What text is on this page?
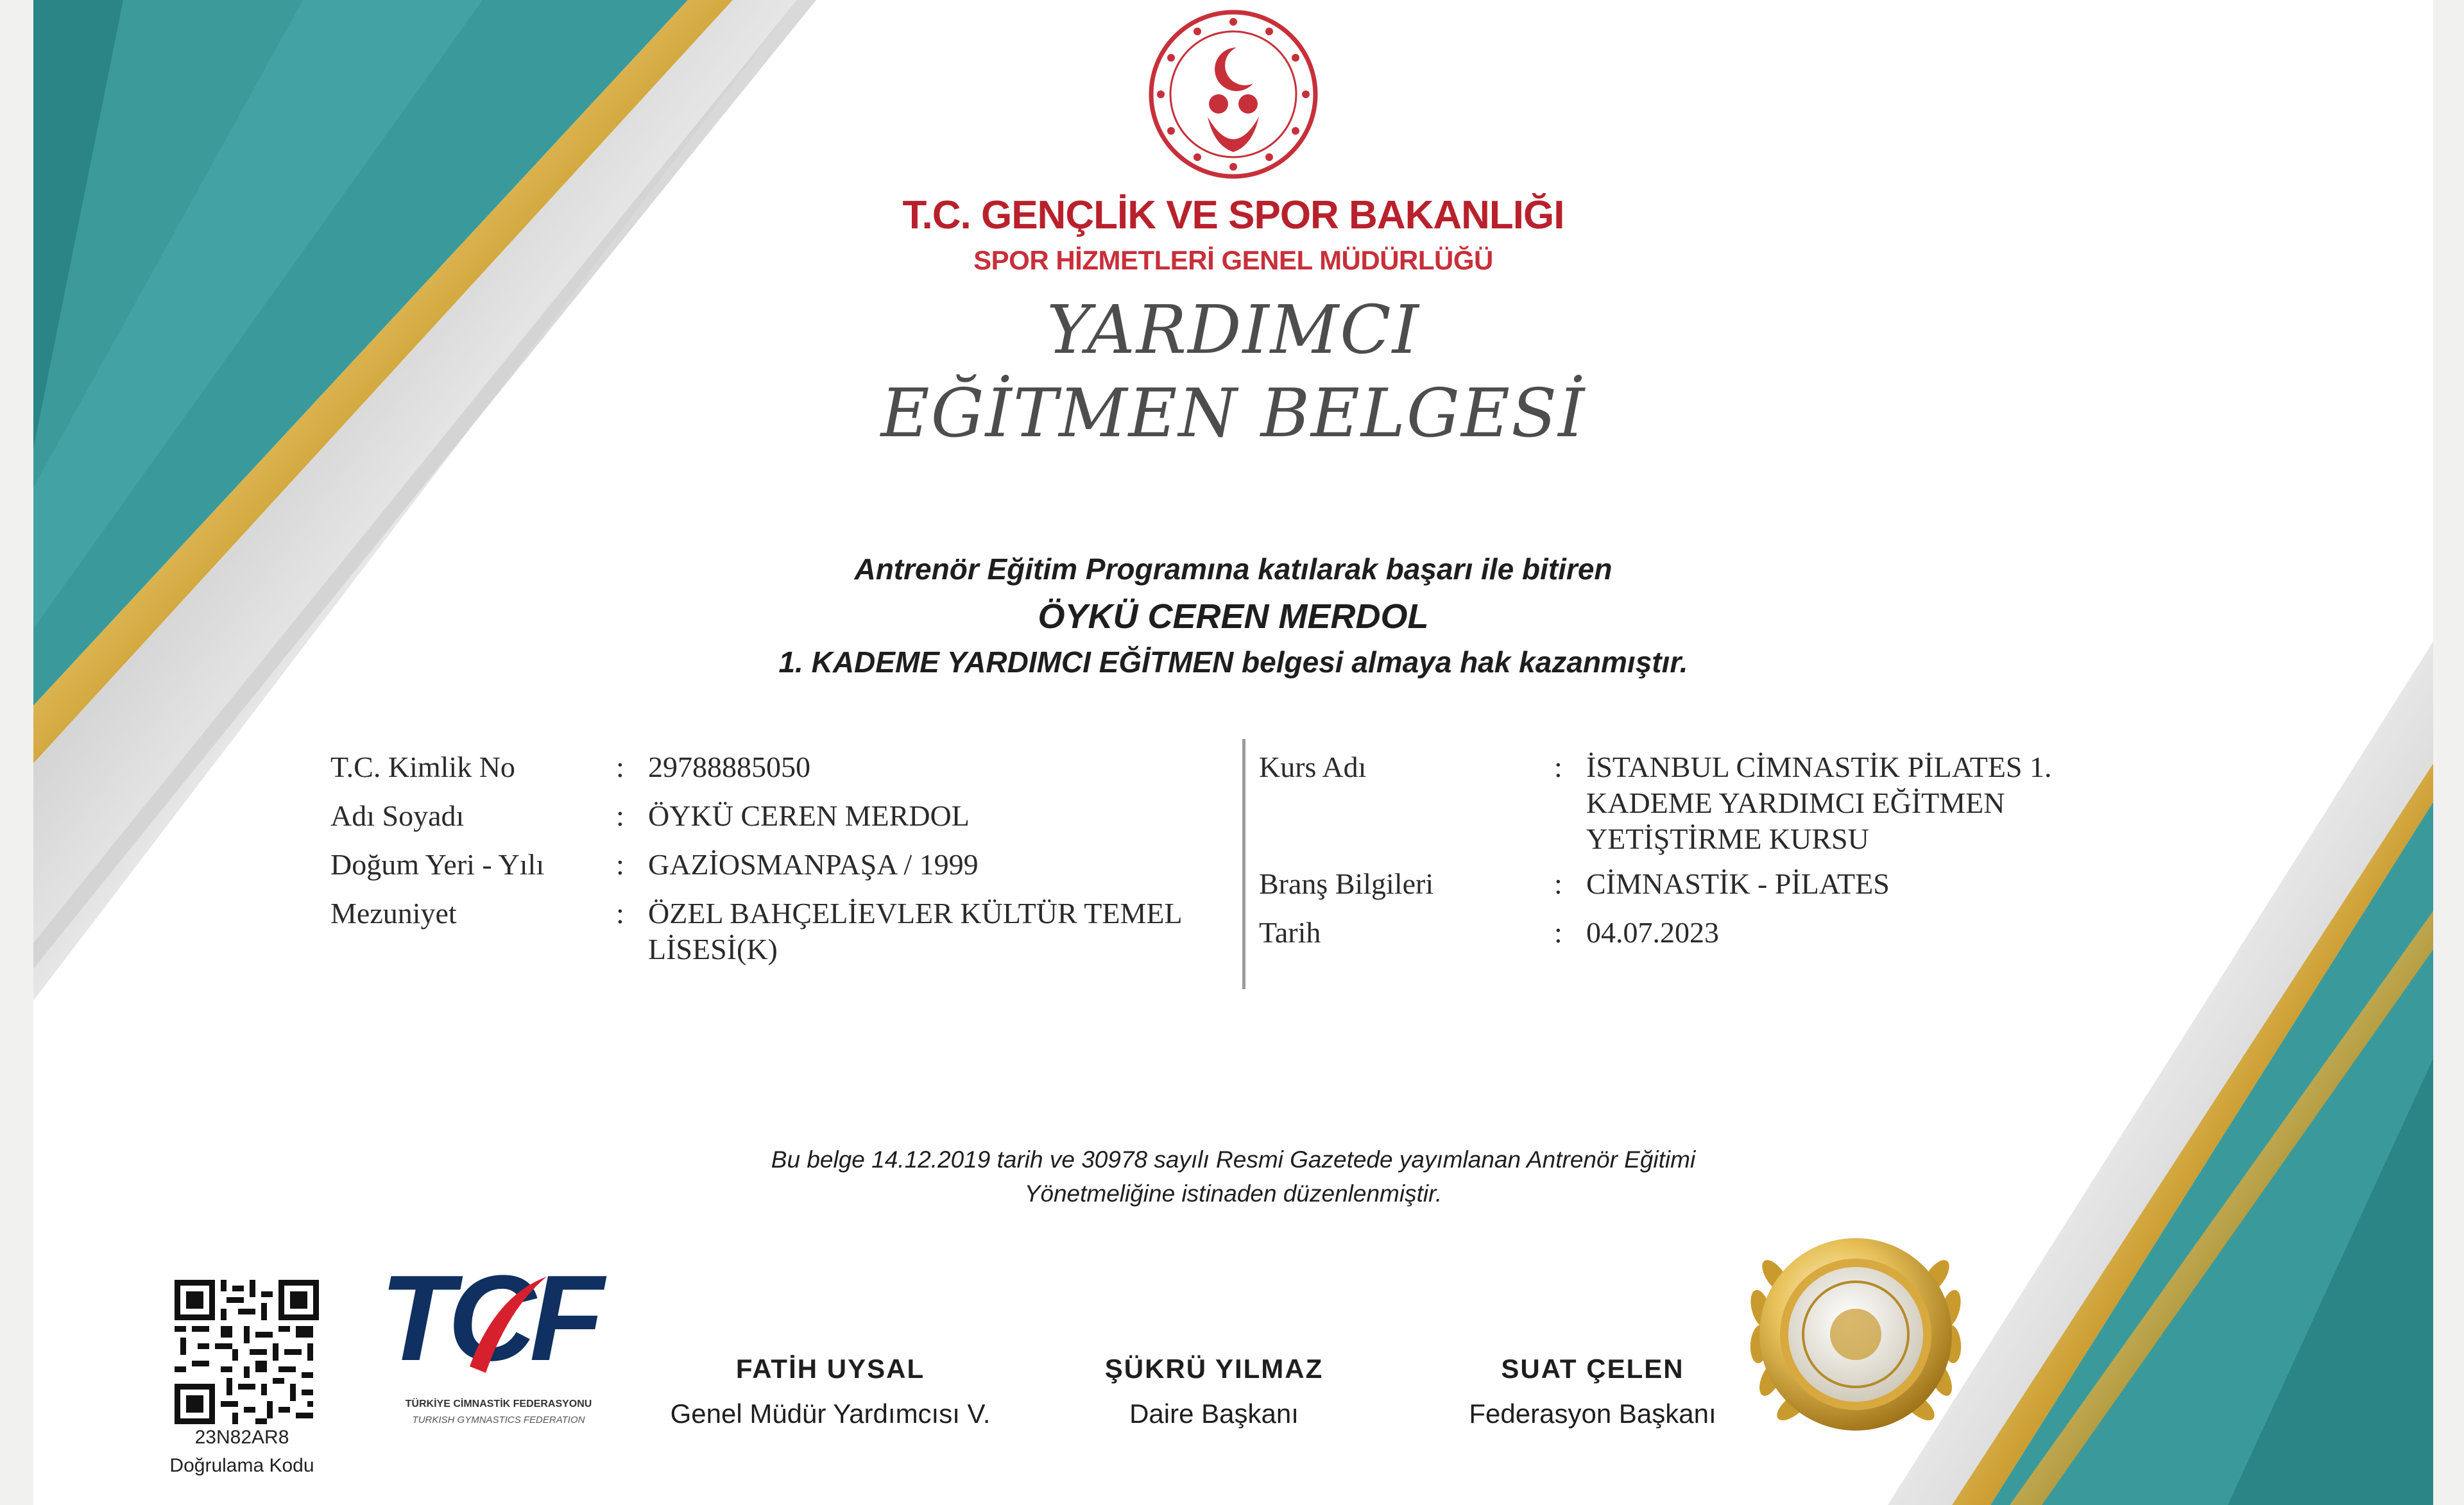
T.C. GENÇLİK VE SPOR BAKANLIĞI
SPOR HİZMETLERİ GENEL MÜDÜRLÜĞÜ
YARDIMCI
EĞİTMEN BELGESİ
Antrenör Eğitim Programına katılarak başarı ile bitiren
ÖYKÜ CEREN MERDOL
1. KADEME YARDIMCI EĞİTMEN belgesi almaya hak kazanmıştır.
T.C. Kimlik No	: 29788885050
Adı Soyadı	: ÖYKÜ CEREN MERDOL
Doğum Yeri - Yılı : GAZİOSMANPAŞA / 1999
Mezuniyet	: ÖZEL BAHÇELİEVLER KÜLTÜR TEMEL LİSESİ(K)
Kurs Adı	: İSTANBUL CİMNASTİK PİLATES 1. KADEME YARDIMCI EĞİTMEN YETİŞTİRME KURSU
Branş Bilgileri	: CİMNASTİK - PİLATES
Tarih	: 04.07.2023
Bu belge 14.12.2019 tarih ve 30978 sayılı Resmi Gazetede yayımlanan Antrenör Eğitimi
Yönetmeliğine istinaden düzenlenmiştir.
23N82AR8
Doğrulama Kodu
TCF
TÜRKİYE CİMNASTİK FEDERASYONU
TURKISH GYMNASTICS FEDERATION
FATİH UYSAL
Genel Müdür Yardımcısı V.
ŞÜKRÜ YILMAZ
Daire Başkanı
SUAT ÇELEN
Federasyon Başkanı
